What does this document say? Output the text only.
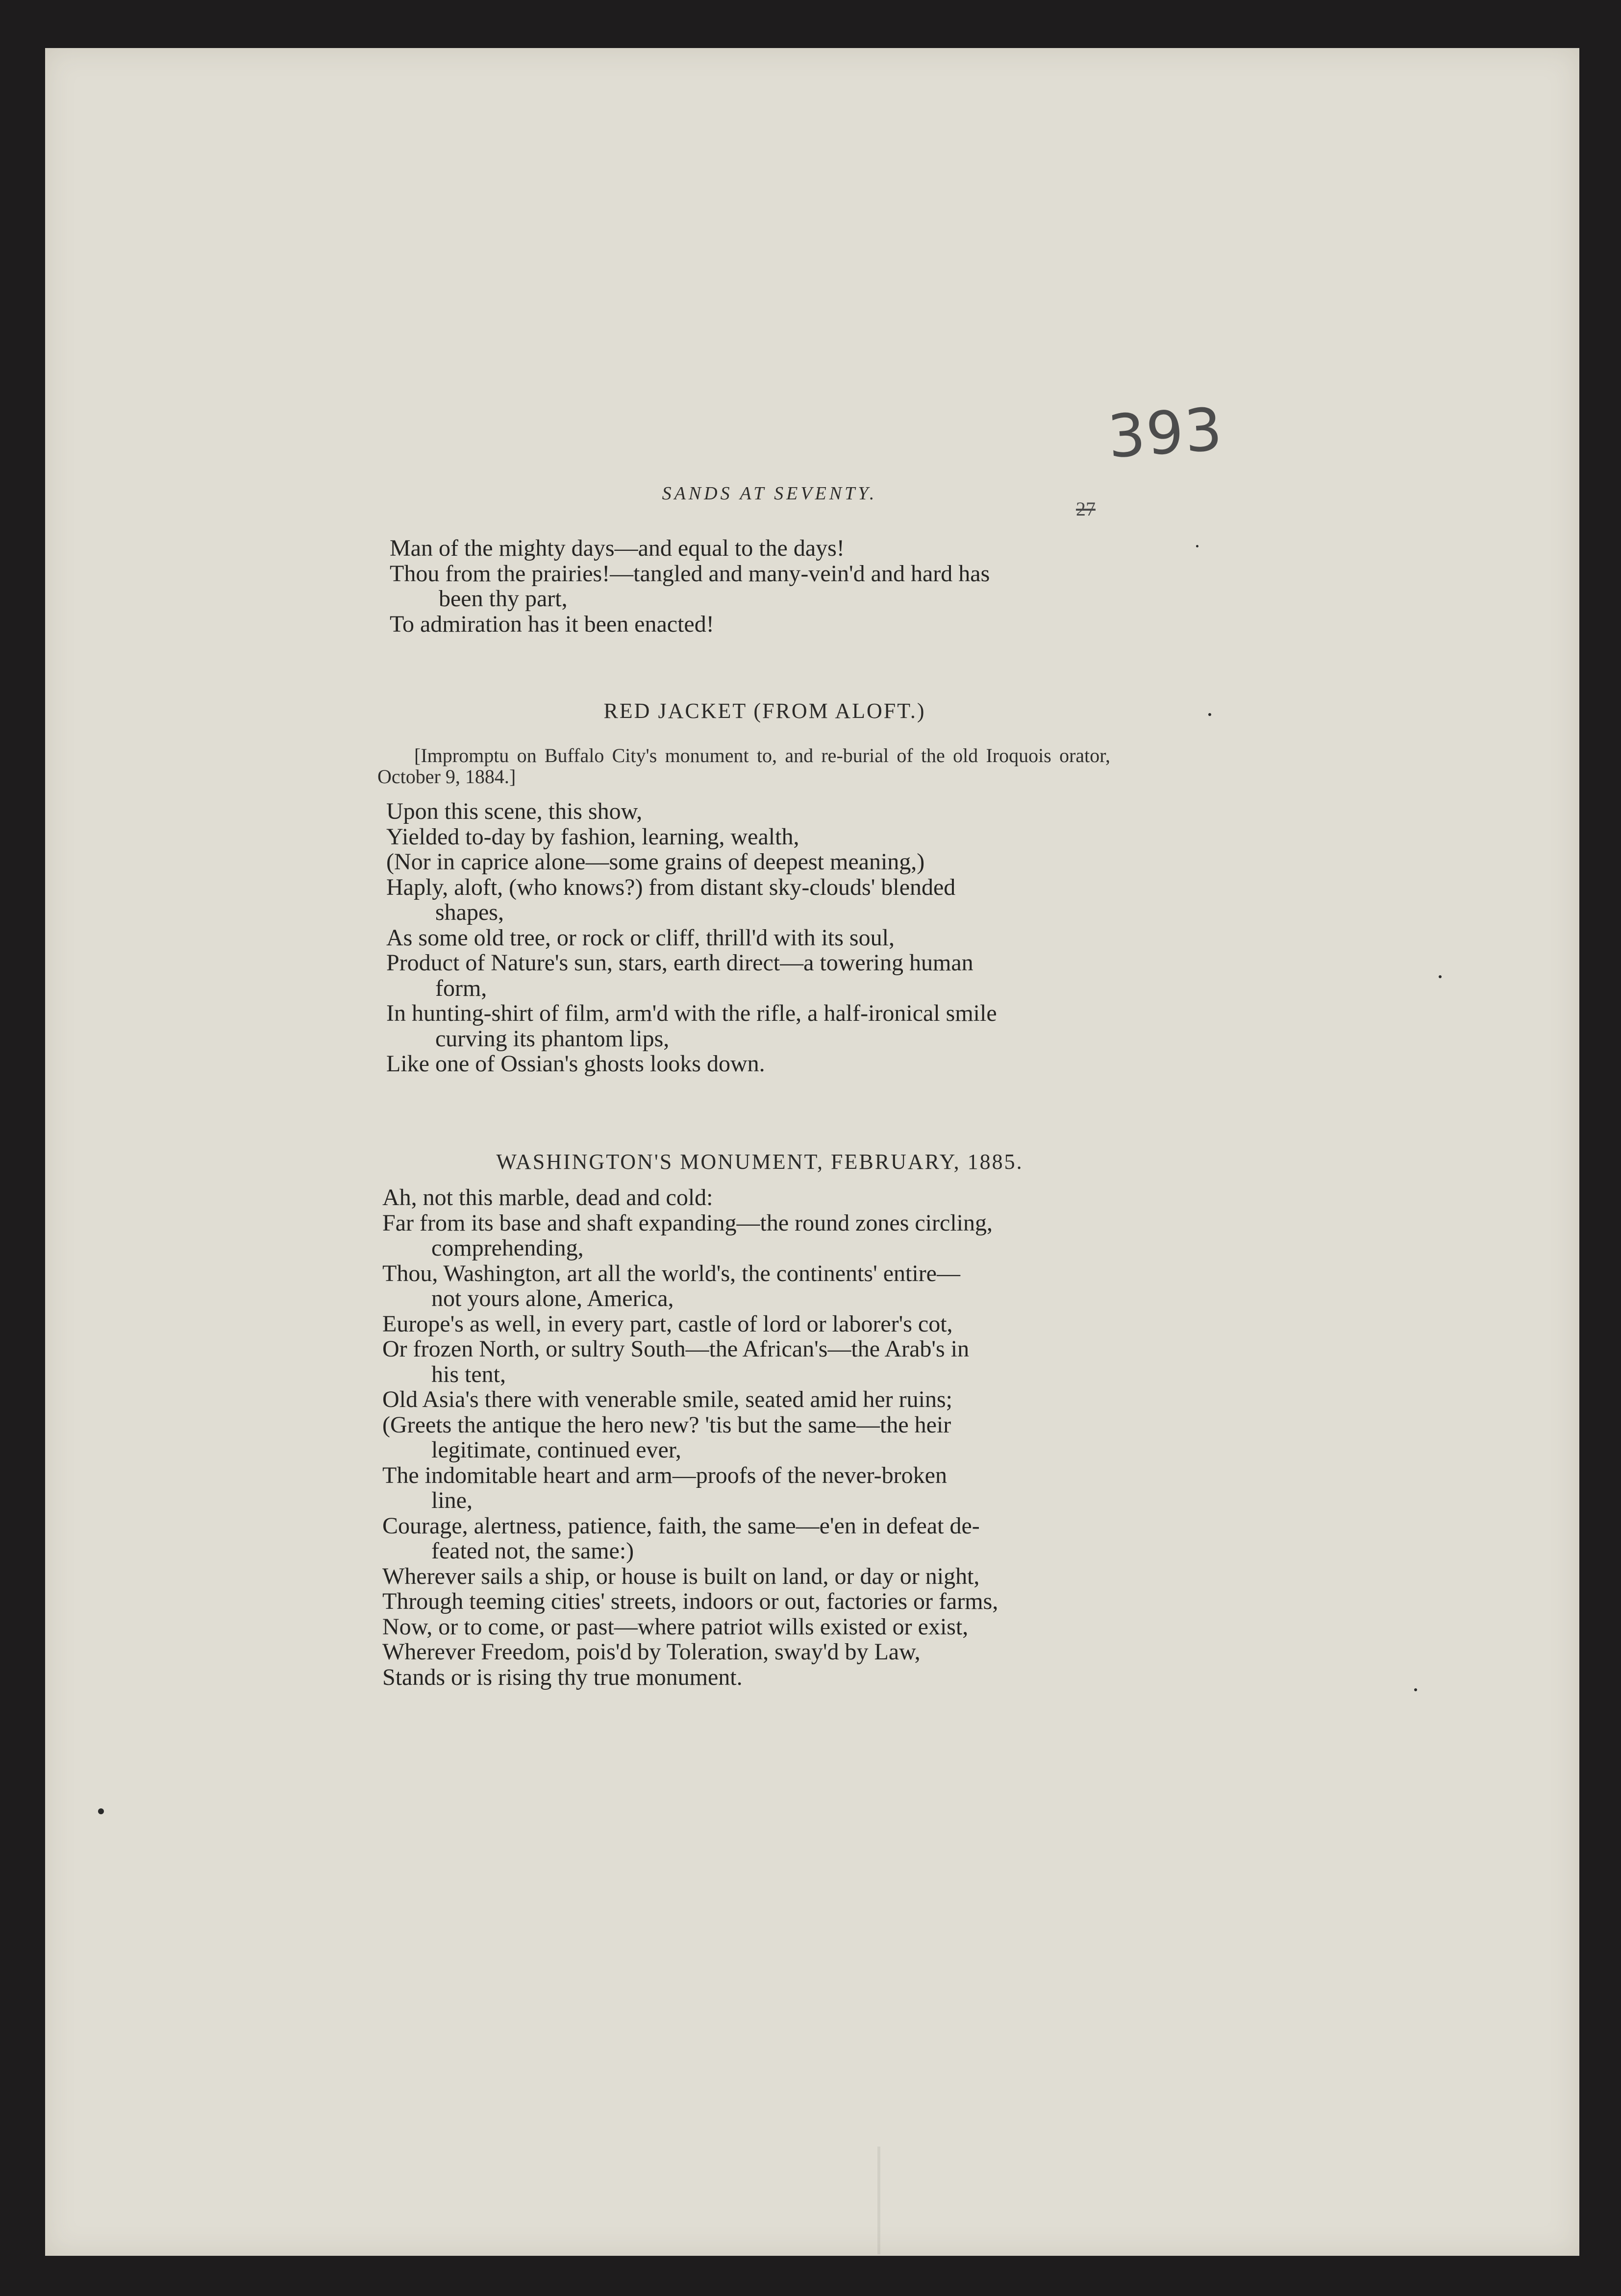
393
27
SANDS AT SEVENTY.
Man of the mighty days—and equal to the days!
Thou from the prairies!—tangled and many-vein'd and hard has
been thy part,
To admiration has it been enacted!
RED JACKET (FROM ALOFT.)
[Impromptu on Buffalo City's monument to, and re-burial of the old Iroquois orator, October 9, 1884.]
Upon this scene, this show,
Yielded to-day by fashion, learning, wealth,
(Nor in caprice alone—some grains of deepest meaning,)
Haply, aloft, (who knows?) from distant sky-clouds' blended
shapes,
As some old tree, or rock or cliff, thrill'd with its soul,
Product of Nature's sun, stars, earth direct—a towering human
form,
In hunting-shirt of film, arm'd with the rifle, a half-ironical smile
curving its phantom lips,
Like one of Ossian's ghosts looks down.
WASHINGTON'S MONUMENT, FEBRUARY, 1885.
Ah, not this marble, dead and cold:
Far from its base and shaft expanding—the round zones circling,
comprehending,
Thou, Washington, art all the world's, the continents' entire—
not yours alone, America,
Europe's as well, in every part, castle of lord or laborer's cot,
Or frozen North, or sultry South—the African's—the Arab's in
his tent,
Old Asia's there with venerable smile, seated amid her ruins;
(Greets the antique the hero new? 'tis but the same—the heir
legitimate, continued ever,
The indomitable heart and arm—proofs of the never-broken
line,
Courage, alertness, patience, faith, the same—e'en in defeat de-
feated not, the same:)
Wherever sails a ship, or house is built on land, or day or night,
Through teeming cities' streets, indoors or out, factories or farms,
Now, or to come, or past—where patriot wills existed or exist,
Wherever Freedom, pois'd by Toleration, sway'd by Law,
Stands or is rising thy true monument.
